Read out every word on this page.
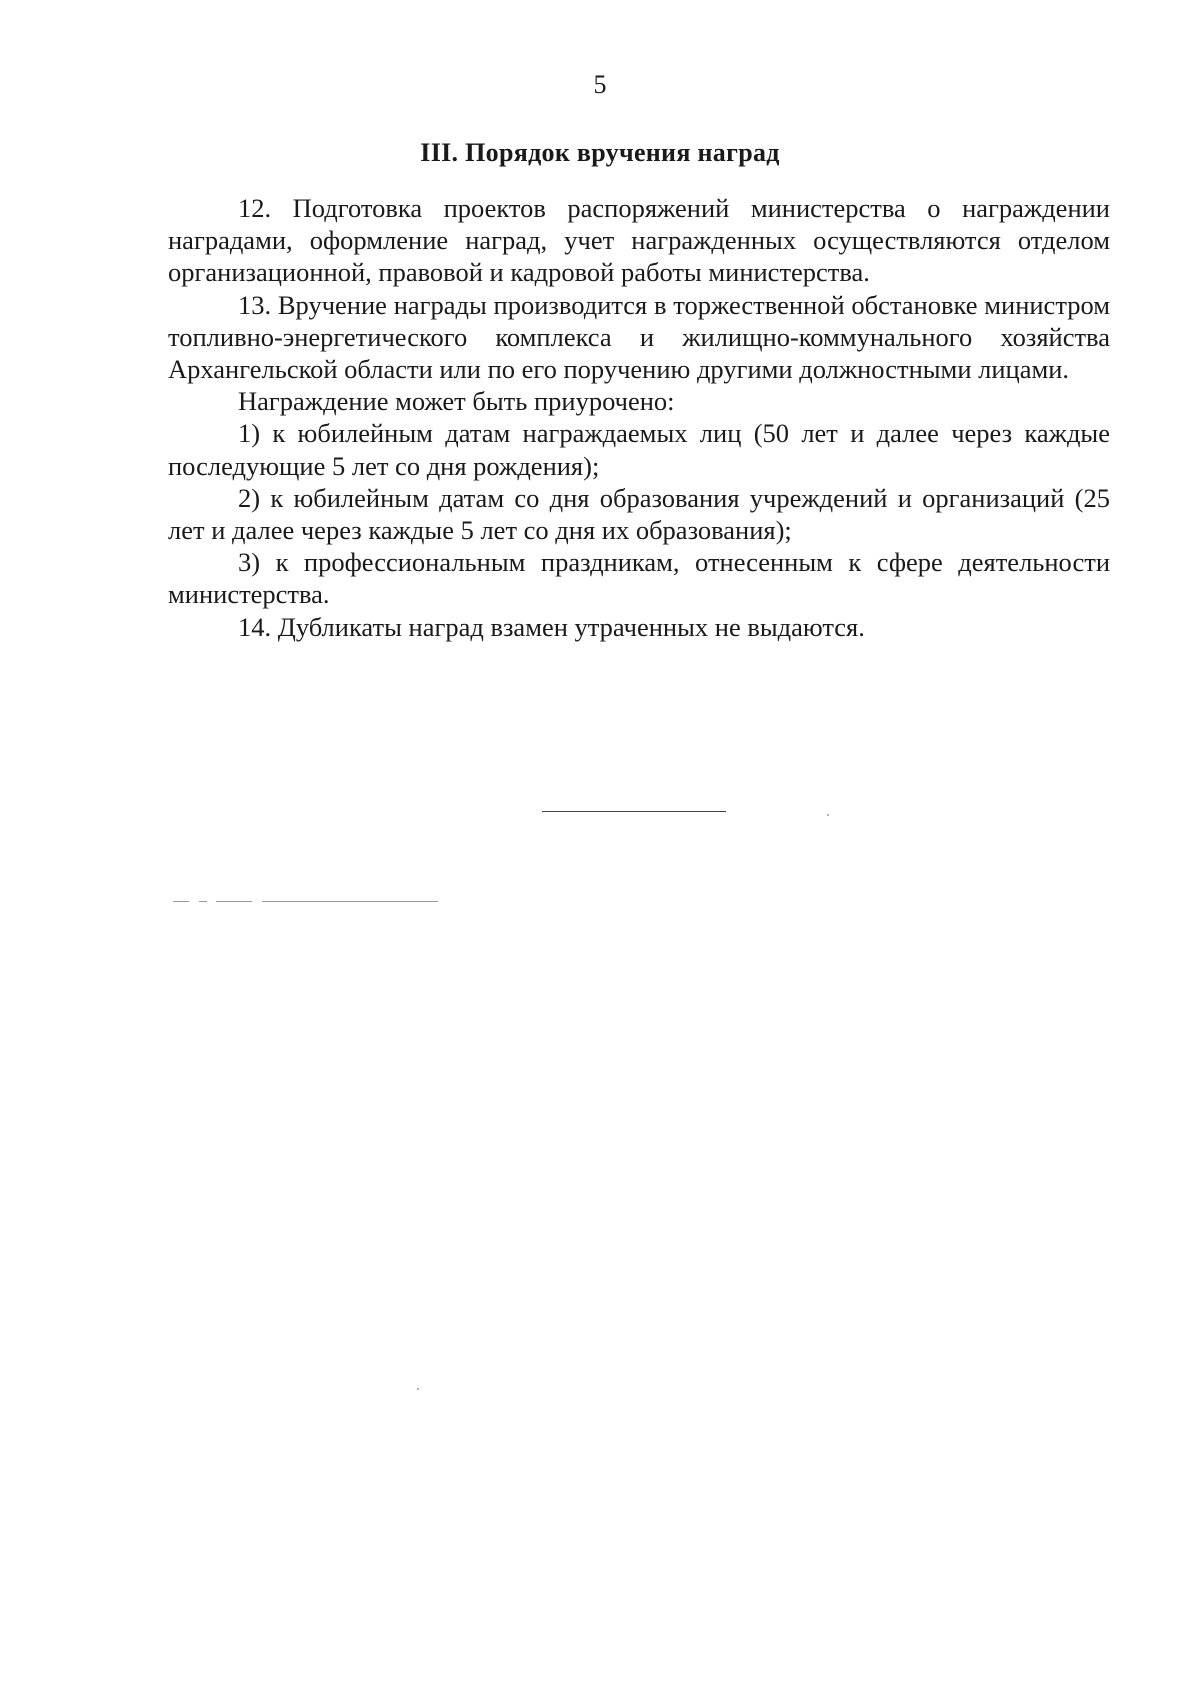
5
III. Порядок вручения наград

12. Подготовка проектов распоряжений министерства о награждении наградами, оформление наград, учет награжденных осуществляются отделом организационной, правовой и кадровой работы министерства.

13. Вручение награды производится в торжественной обстановке министром топливно-энергетического комплекса и жилищно-коммунального хозяйства Архангельской области или по его поручению другими должностными лицами.

Награждение может быть приурочено:

1) к юбилейным датам награждаемых лиц (50 лет и далее через каждые последующие 5 лет со дня рождения);

2) к юбилейным датам со дня образования учреждений и организаций (25 лет и далее через каждые 5 лет со дня их образования);

3) к профессиональным праздникам, отнесенным к сфере деятельности министерства.

14. Дубликаты наград взамен утраченных не выдаются.
